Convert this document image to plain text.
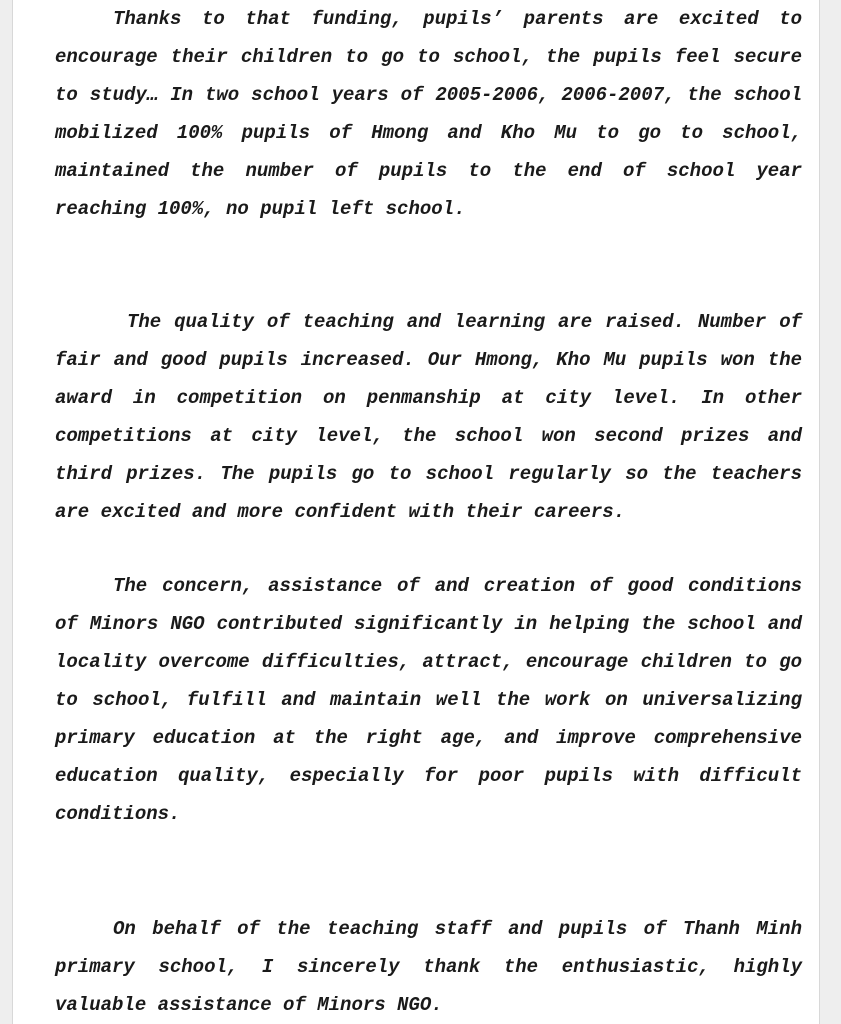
Thanks to that funding, pupils’ parents are excited to encourage their children to go to school, the pupils feel secure to study… In two school years of 2005-2006, 2006-2007, the school mobilized 100% pupils of Hmong and Kho Mu to go to school, maintained the number of pupils to the end of school year reaching 100%, no pupil left school.

The quality of teaching and learning are raised. Number of fair and good pupils increased. Our Hmong, Kho Mu pupils won the award in competition on penmanship at city level. In other competitions at city level, the school won second prizes and third prizes. The pupils go to school regularly so the teachers are excited and more confident with their careers.

The concern, assistance of and creation of good conditions of Minors NGO contributed significantly in helping the school and locality overcome difficulties, attract, encourage children to go to school, fulfill and maintain well the work on universalizing primary education at the right age, and improve comprehensive education quality, especially for poor pupils with difficult conditions.

On behalf of the teaching staff and pupils of Thanh Minh primary school, I sincerely thank the enthusiastic, highly valuable assistance of Minors NGO.
